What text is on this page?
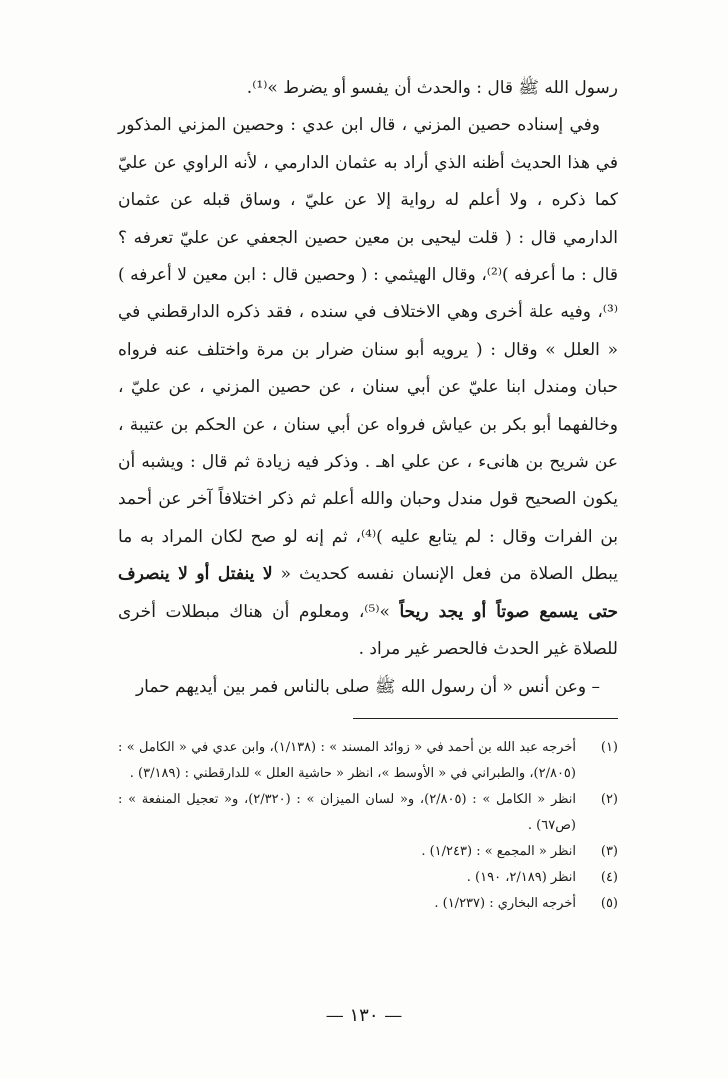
رسول الله ﷺ قال : والحدث أن يفسو أو يضرط »⁽¹⁾.

وفي إسناده حصين المزني ، قال ابن عدي : وحصين المزني المذكور في هذا الحديث أظنه الذي أراد به عثمان الدارمي ، لأنه الراوي عن عليّ كما ذكره ، ولا أعلم له رواية إلا عن عليّ ، وساق قبله عن عثمان الدارمي قال : ( قلت ليحيى بن معين حصين الجعفي عن عليّ تعرفه ؟ قال : ما أعرفه )⁽²⁾، وقال الهيثمي : ( وحصين قال : ابن معين لا أعرفه )⁽³⁾، وفيه علة أخرى وهي الاختلاف في سنده ، فقد ذكره الدارقطني في « العلل » وقال : ( يرويه أبو سنان ضرار بن مرة واختلف عنه فرواه حبان ومندل ابنا عليّ عن أبي سنان ، عن حصين المزني ، عن عليّ ، وخالفهما أبو بكر بن عياش فرواه عن أبي سنان ، عن الحكم بن عتيبة ، عن شريح بن هانىء ، عن علي اهـ . وذكر فيه زيادة ثم قال : ويشبه أن يكون الصحيح قول مندل وحبان والله أعلم ثم ذكر اختلافاً آخر عن أحمد بن الفرات وقال : لم يتابع عليه )⁽⁴⁾، ثم إنه لو صح لكان المراد به ما يبطل الصلاة من فعل الإنسان نفسه كحديث « لا ينفتل أو لا ينصرف حتى يسمع صوتاً أو يجد ريحاً »⁽⁵⁾، ومعلوم أن هناك مبطلات أخرى للصلاة غير الحدث فالحصر غير مراد .

– وعن أنس « أن رسول الله ﷺ صلى بالناس فمر بين أيديهم حمار

(١)
أخرجه عبد الله بن أحمد في « زوائد المسند » : (١/١٣٨)، وابن عدي في « الكامل » : (٢/٨٠٥)، والطبراني في « الأوسط »، انظر « حاشية العلل » للدارقطني : (٣/١٨٩) .
(٢)
انظر « الكامل » : (٢/٨٠٥)، و« لسان الميزان » : (٢/٣٢٠)، و« تعجيل المنفعة » : (ص٦٧) .
(٣)
انظر « المجمع » : (١/٢٤٣) .
(٤)
انظر (٢/١٨٩، ١٩٠) .
(٥)
أخرجه البخاري : (١/٢٣٧) .
— ١٣٠ —
